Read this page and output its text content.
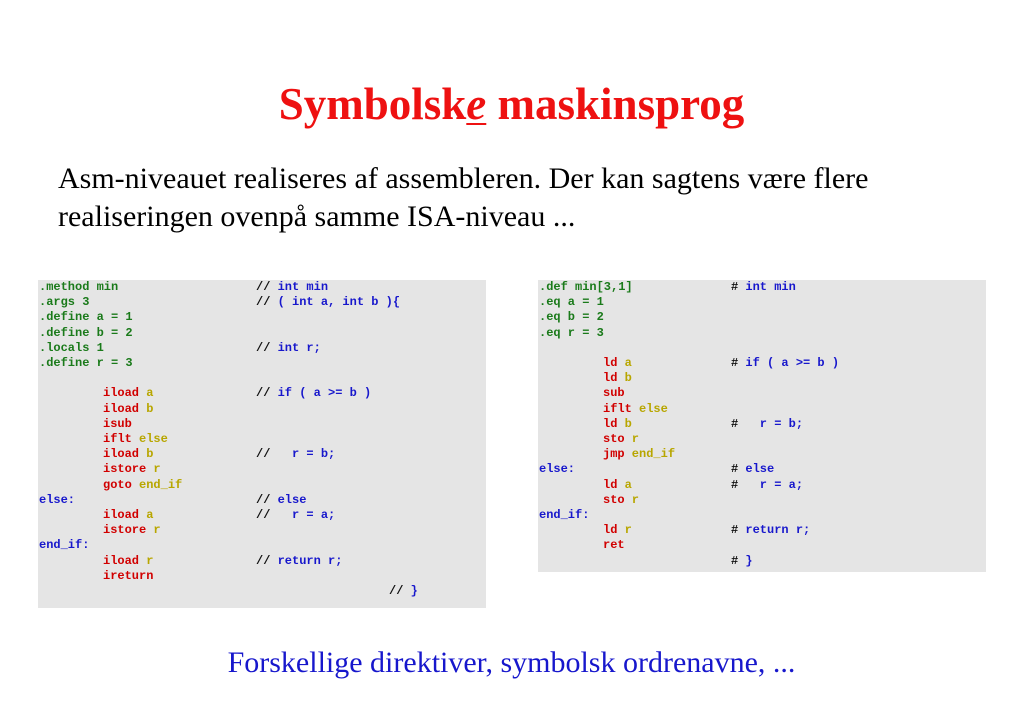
Symbolske maskinsprog
Asm-niveauet realiseres af assembleren. Der kan sagtens være flere realiseringen ovenpå samme ISA-niveau ...
.method min	// int min
.args 3	// ( int a, int b ){
.define a = 1
.define b = 2
.locals 1	// int r;
.define r = 3
iload a	// if ( a >= b )
iload b
isub
iflt else
iload b	//   r = b;
istore r
goto end_if
else:	// else
iload a	//   r = a;
istore r
end_if:
iload r	// return r;
ireturn
// }
.def min[3,1]	# int min
.eq a = 1
.eq b = 2
.eq r = 3
ld a	# if ( a >= b )
ld b
sub
iflt else
ld b	#   r = b;
sto r
jmp end_if
else:	# else
ld a	#   r = a;
sto r
end_if:
ld r	# return r;
ret
# }
Forskellige direktiver, symbolsk ordrenavne, ...
